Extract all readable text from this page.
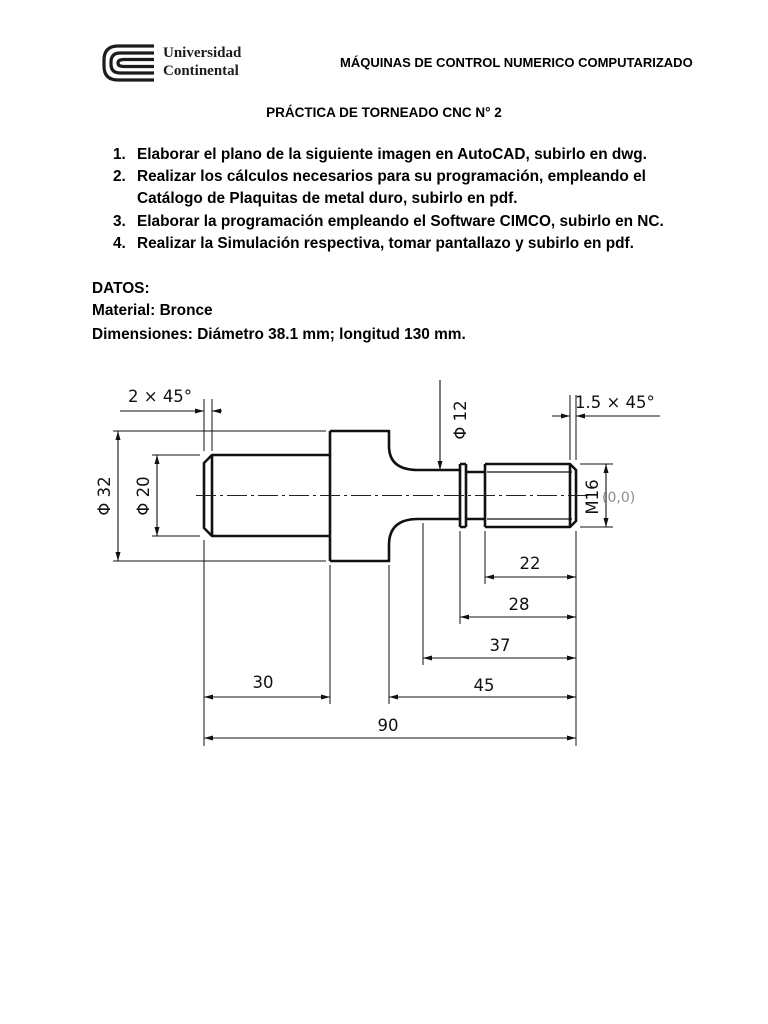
Universidad
Continental
MÁQUINAS DE CONTROL NUMERICO COMPUTARIZADO
PRÁCTICA DE TORNEADO CNC N° 2
1. Elaborar el plano de la siguiente imagen en AutoCAD, subirlo en dwg.
2. Realizar los cálculos necesarios para su programación, empleando el
Catálogo de Plaquitas de metal duro, subirlo en pdf.
3. Elaborar la programación empleando el Software CIMCO, subirlo en NC.
4. Realizar la Simulación respectiva, tomar pantallazo y subirlo en pdf.
DATOS:
Material: Bronce
Dimensiones: Diámetro 38.1 mm; longitud 130 mm.
2 × 45°	1.5 × 45°
Φ 32 Φ 20
Φ 12
M16 (0,0)
22
28
37
30	45
90
